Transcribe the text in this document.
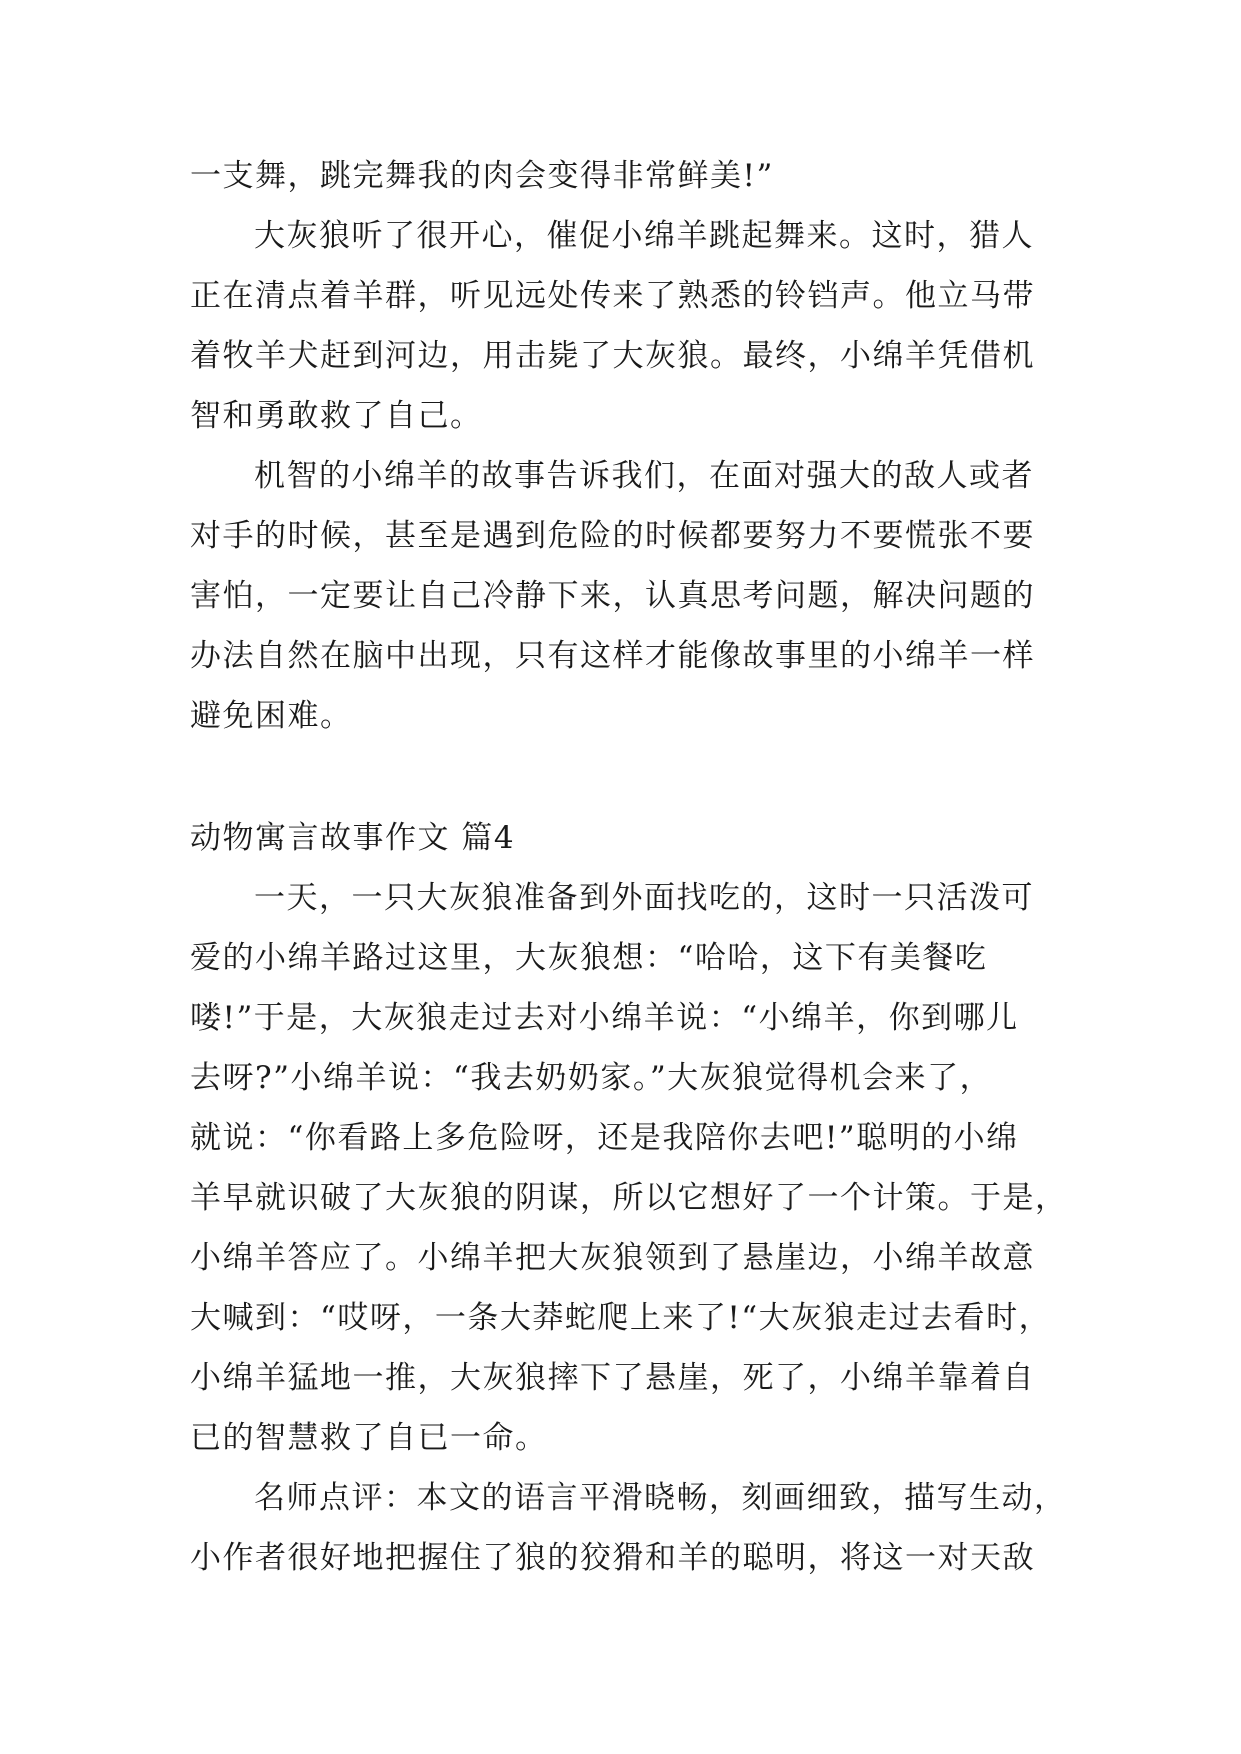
一支舞，跳完舞我的肉会变得非常鲜美!”
大灰狼听了很开心，催促小绵羊跳起舞来。这时，猎人
正在清点着羊群，听见远处传来了熟悉的铃铛声。他立马带
着牧羊犬赶到河边，用击毙了大灰狼。最终，小绵羊凭借机
智和勇敢救了自己。
机智的小绵羊的故事告诉我们，在面对强大的敌人或者
对手的时候，甚至是遇到危险的时候都要努力不要慌张不要
害怕，一定要让自己冷静下来，认真思考问题，解决问题的
办法自然在脑中出现，只有这样才能像故事里的小绵羊一样
避免困难。
动物寓言故事作文 篇4
一天，一只大灰狼准备到外面找吃的，这时一只活泼可
爱的小绵羊路过这里，大灰狼想：“哈哈，这下有美餐吃
喽!”于是，大灰狼走过去对小绵羊说：“小绵羊，你到哪儿
去呀?”小绵羊说：“我去奶奶家。”大灰狼觉得机会来了，
就说：“你看路上多危险呀，还是我陪你去吧!”聪明的小绵
羊早就识破了大灰狼的阴谋，所以它想好了一个计策。于是，
小绵羊答应了。小绵羊把大灰狼领到了悬崖边，小绵羊故意
大喊到：“哎呀，一条大莽蛇爬上来了!“大灰狼走过去看时，
小绵羊猛地一推，大灰狼摔下了悬崖，死了，小绵羊靠着自
已的智慧救了自已一命。
名师点评：本文的语言平滑晓畅，刻画细致，描写生动，
小作者很好地把握住了狼的狡猾和羊的聪明，将这一对天敌
